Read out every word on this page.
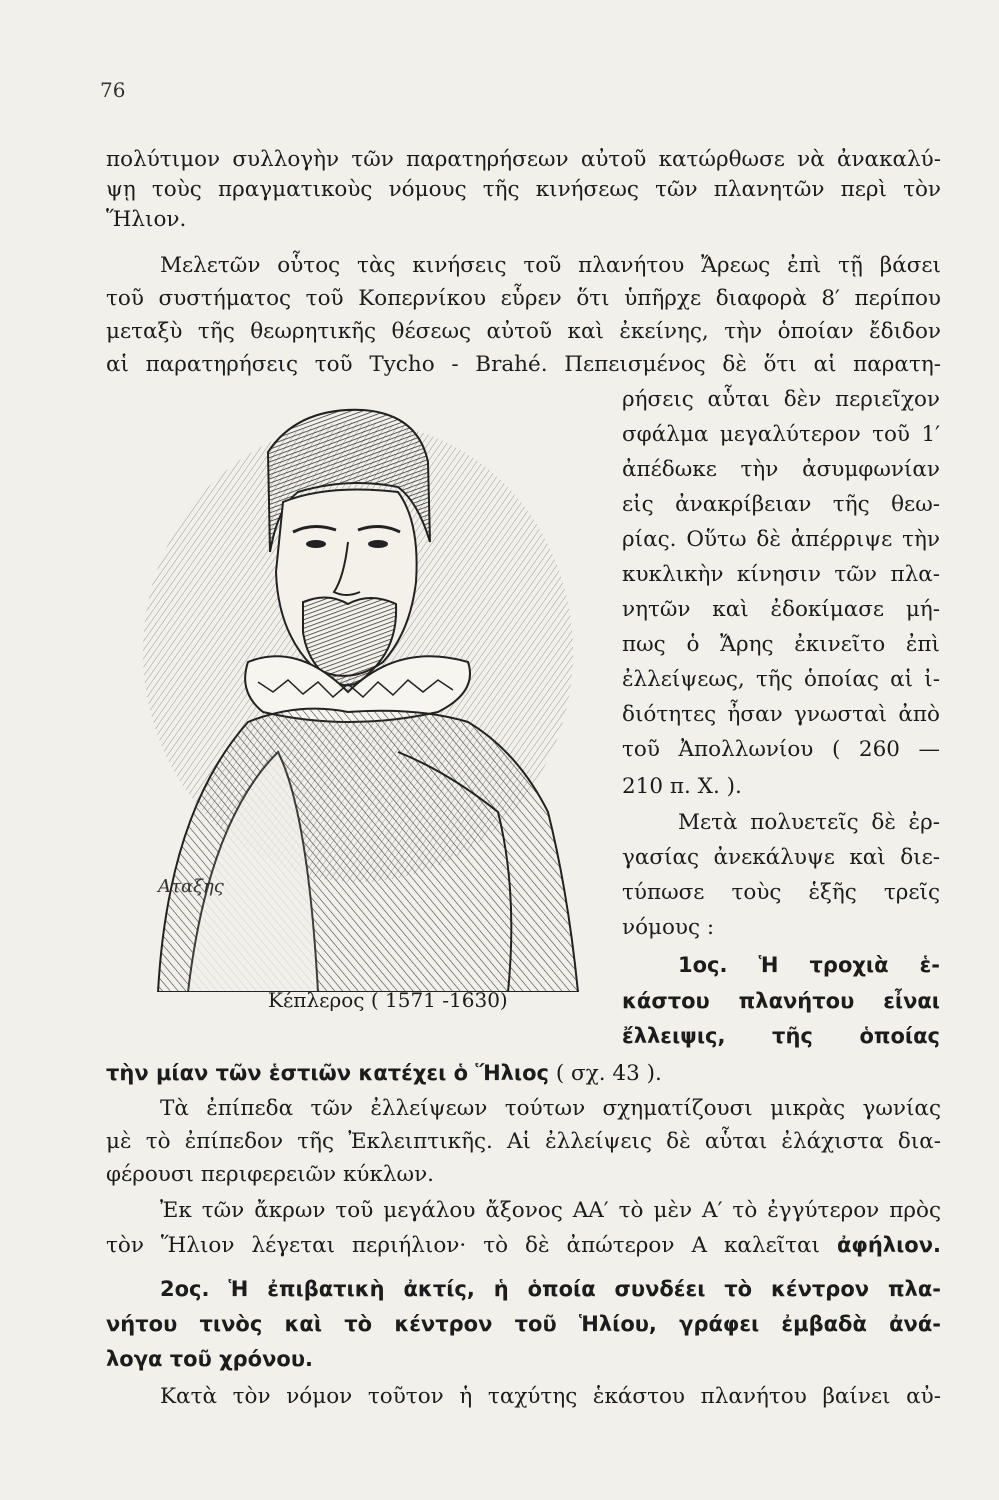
76
πολύτιμον συλλογὴν τῶν παρατηρήσεων αὐτοῦ κατώρθωσε νὰ ἀνακαλύ-
ψῃ τοὺς πραγματικοὺς νόμους τῆς κινήσεως τῶν πλανητῶν περὶ τὸν
Ἥλιον.
Μελετῶν οὗτος τὰς κινήσεις τοῦ πλανήτου Ἄρεως ἐπὶ τῇ βάσει
τοῦ συστήματος τοῦ Κοπερνίκου εὗρεν ὅτι ὑπῆρχε διαφορὰ 8′ περίπου
μεταξὺ τῆς θεωρητικῆς θέσεως αὐτοῦ καὶ ἐκείνης, τὴν ὁποίαν ἔδιδον
αἱ παρατηρήσεις τοῦ Tycho - Brahé. Πεπεισμένος δὲ ὅτι αἱ παρατη-
ρήσεις αὗται δὲν περιεῖχον
σφάλμα μεγαλύτερον τοῦ 1′
ἀπέδωκε τὴν ἀσυμφωνίαν
εἰς ἀνακρίβειαν τῆς θεω-
ρίας. Οὕτω δὲ ἀπέρριψε τὴν
κυκλικὴν κίνησιν τῶν πλα-
νητῶν καὶ ἐδοκίμασε μή-
πως ὁ Ἄρης ἐκινεῖτο ἐπὶ
ἐλλείψεως, τῆς ὁποίας αἱ ἰ-
διότητες ἦσαν γνωσταὶ ἀπὸ
τοῦ Ἀπολλωνίου ( 260 —
210 π. Χ. ).
Μετὰ πολυετεῖς δὲ ἐρ-
γασίας ἀνεκάλυψε καὶ διε-
τύπωσε τοὺς ἑξῆς τρεῖς
νόμους :
1ος. Ἡ τροχιὰ ἑ-
κάστου πλανήτου εἶναι
ἔλλειψις, τῆς ὁποίας
Αταξης
Κέπλερος ( 1571 -1630)
τὴν μίαν τῶν ἑστιῶν κατέχει ὁ Ἥλιος ( σχ. 43 ).
Τὰ ἐπίπεδα τῶν ἐλλείψεων τούτων σχηματίζουσι μικρὰς γωνίας
μὲ τὸ ἐπίπεδον τῆς Ἐκλειπτικῆς. Αἱ ἐλλείψεις δὲ αὗται ἐλάχιστα δια-
φέρουσι περιφερειῶν κύκλων.
Ἐκ τῶν ἄκρων τοῦ μεγάλου ἄξονος ΑΑ′ τὸ μὲν Α′ τὸ ἐγγύτερον πρὸς
τὸν Ἥλιον λέγεται περιήλιον· τὸ δὲ ἀπώτερον Α καλεῖται ἀφήλιον.
2ος. Ἡ ἐπιβατικὴ ἀκτίς, ἡ ὁποία συνδέει τὸ κέντρον πλα-
νήτου τινὸς καὶ τὸ κέντρον τοῦ Ἡλίου, γράφει ἐμβαδὰ ἀνά-
λογα τοῦ χρόνου.
Κατὰ τὸν νόμον τοῦτον ἡ ταχύτης ἑκάστου πλανήτου βαίνει αὐ-
